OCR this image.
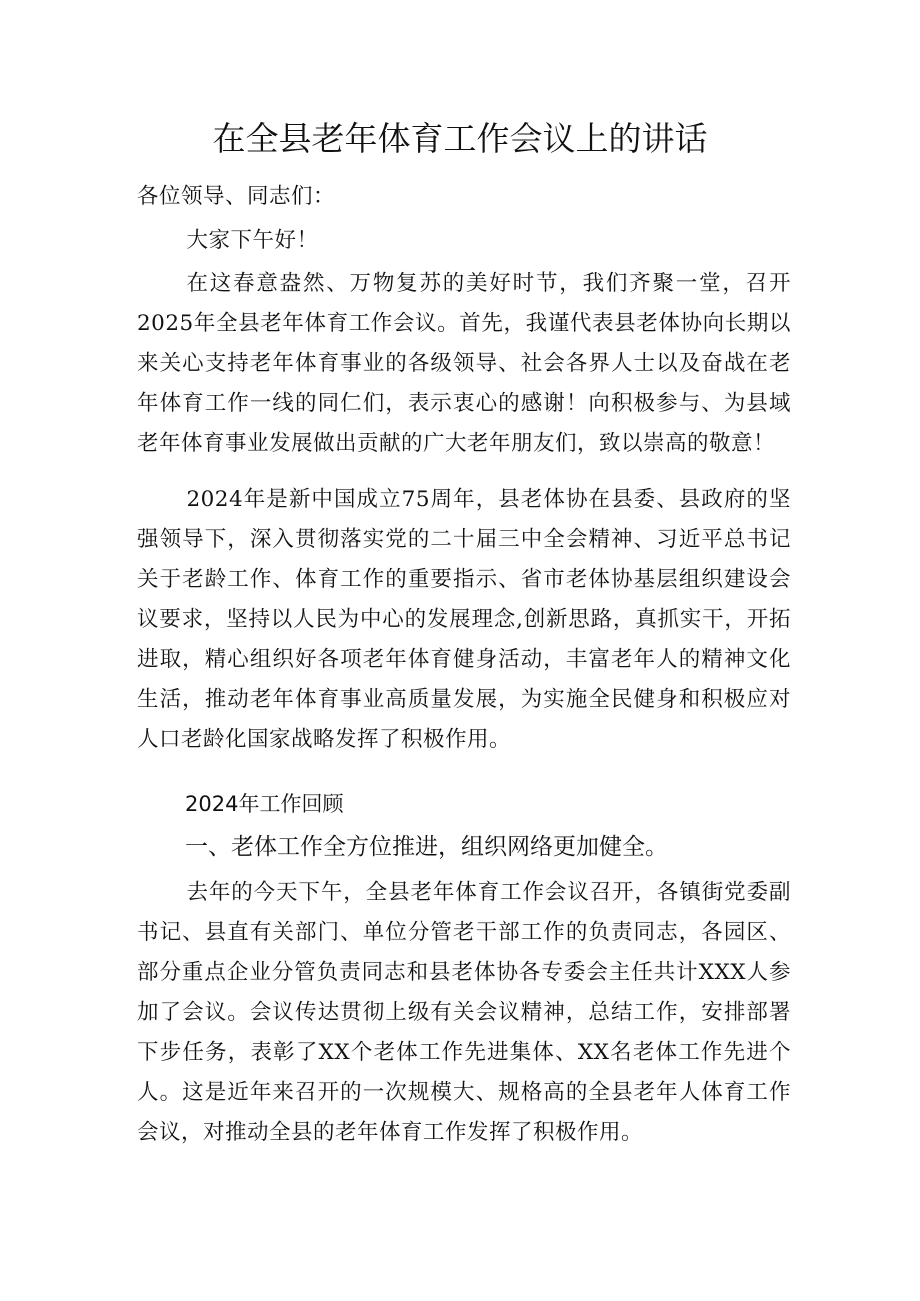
在全县老年体育工作会议上的讲话

各位领导、同志们：

大家下午好！

在这春意盎然、万物复苏的美好时节，我们齐聚一堂，召开2025年全县老年体育工作会议。首先，我谨代表县老体协向长期以来关心支持老年体育事业的各级领导、社会各界人士以及奋战在老年体育工作一线的同仁们，表示衷心的感谢！向积极参与、为县域老年体育事业发展做出贡献的广大老年朋友们，致以崇高的敬意！

2024年是新中国成立75周年，县老体协在县委、县政府的坚强领导下，深入贯彻落实党的二十届三中全会精神、习近平总书记关于老龄工作、体育工作的重要指示、省市老体协基层组织建设会议要求，坚持以人民为中心的发展理念,创新思路，真抓实干，开拓进取，精心组织好各项老年体育健身活动，丰富老年人的精神文化生活，推动老年体育事业高质量发展，为实施全民健身和积极应对人口老龄化国家战略发挥了积极作用。

2024年工作回顾

一、老体工作全方位推进，组织网络更加健全。

去年的今天下午，全县老年体育工作会议召开，各镇街党委副书记、县直有关部门、单位分管老干部工作的负责同志，各园区、部分重点企业分管负责同志和县老体协各专委会主任共计XXX人参加了会议。会议传达贯彻上级有关会议精神，总结工作，安排部署下步任务，表彰了XX个老体工作先进集体、XX名老体工作先进个人。这是近年来召开的一次规模大、规格高的全县老年人体育工作会议，对推动全县的老年体育工作发挥了积极作用。
